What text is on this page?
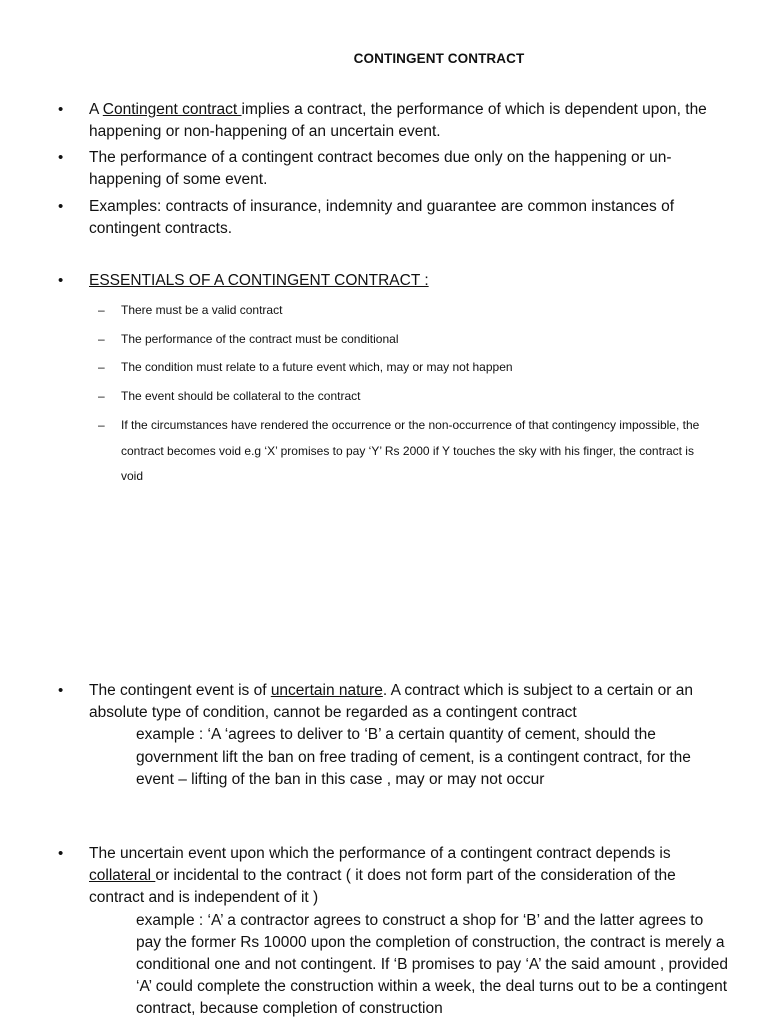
CONTINGENT CONTRACT
• A Contingent contract implies a contract, the performance of which is dependent upon, the happening or non-happening of an uncertain event.
• The performance of a contingent contract becomes due only on the happening or un-happening of some event.
• Examples: contracts of insurance, indemnity and guarantee are common instances of contingent contracts.
• ESSENTIALS OF A CONTINGENT CONTRACT :
– There must be a valid contract
– The performance of the contract must be conditional
– The condition must relate to a future event which, may or may not happen
– The event should be collateral to the contract
– If the circumstances have rendered the occurrence or the non-occurrence of that contingency impossible, the contract becomes void e.g ‘X’ promises to pay ‘Y’ Rs 2000 if Y touches the sky with his finger, the contract is void
• The contingent event is of uncertain nature. A contract which is subject to a certain or an absolute type of condition, cannot be regarded as a contingent contract
example : ‘A ‘agrees to deliver to ‘B’ a certain quantity of cement, should the government lift the ban on free trading of cement, is a contingent contract, for the event – lifting of the ban in this case , may or may not occur
• The uncertain event upon which the performance of a contingent contract depends is collateral or incidental to the contract ( it does not form part of the consideration of the contract and is independent of it )
example : ‘A’ a contractor agrees to construct a shop for ‘B’ and the latter agrees to pay the former Rs 10000 upon the completion of construction, the contract is merely a conditional one and not contingent. If ‘B promises to pay ‘A’ the said amount , provided ‘A’ could complete the construction within a week, the deal turns out to be a contingent contract, because completion of construction
